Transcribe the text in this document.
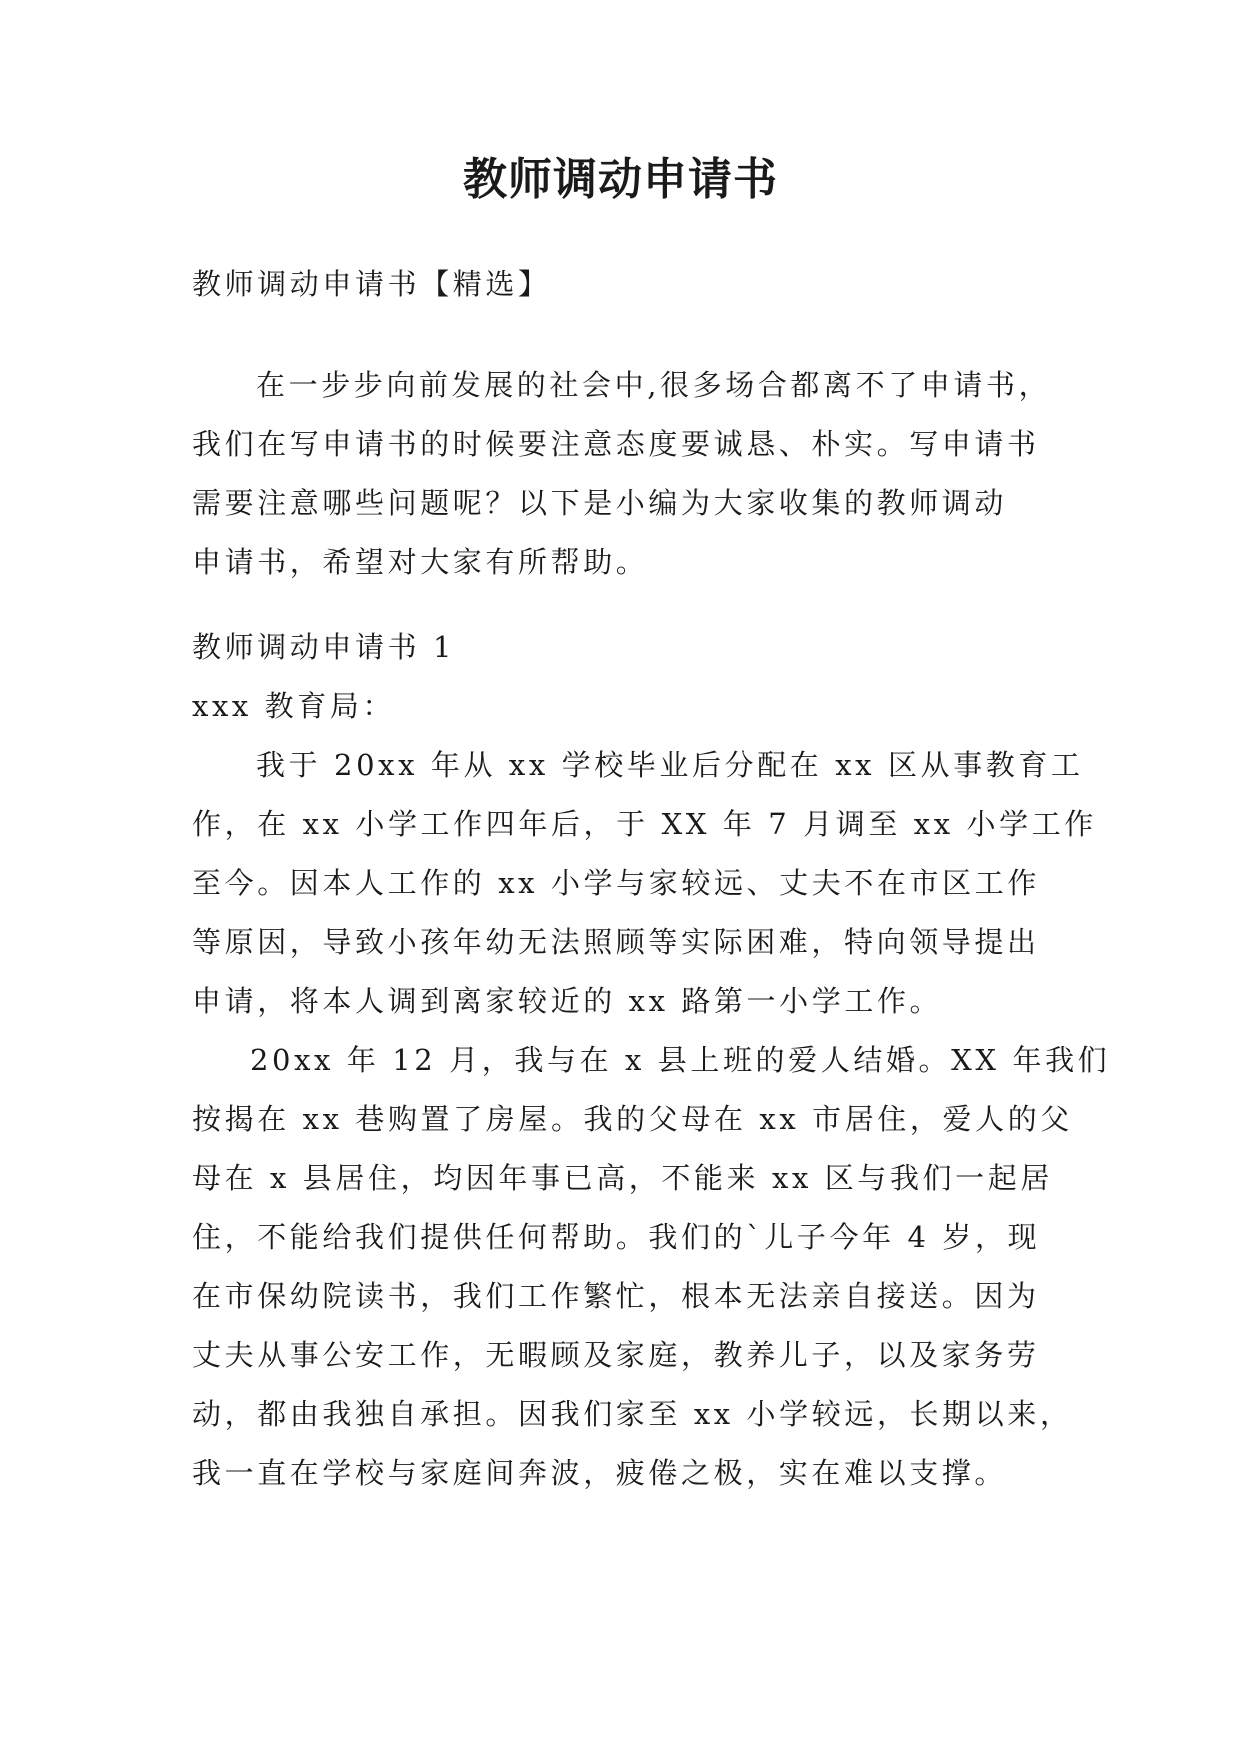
教师调动申请书
教师调动申请书【精选】
在一步步向前发展的社会中,很多场合都离不了申请书，
我们在写申请书的时候要注意态度要诚恳、朴实。写申请书
需要注意哪些问题呢？以下是小编为大家收集的教师调动
申请书，希望对大家有所帮助。
教师调动申请书 1
xxx 教育局：
我于 20xx 年从 xx 学校毕业后分配在 xx 区从事教育工
作，在 xx 小学工作四年后，于 XX 年 7 月调至 xx 小学工作
至今。因本人工作的 xx 小学与家较远、丈夫不在市区工作
等原因，导致小孩年幼无法照顾等实际困难，特向领导提出
申请，将本人调到离家较近的 xx 路第一小学工作。
20xx 年 12 月，我与在 x 县上班的爱人结婚。XX 年我们
按揭在 xx 巷购置了房屋。我的父母在 xx 市居住，爱人的父
母在 x 县居住，均因年事已高，不能来 xx 区与我们一起居
住，不能给我们提供任何帮助。我们的`儿子今年 4 岁，现
在市保幼院读书，我们工作繁忙，根本无法亲自接送。因为
丈夫从事公安工作，无暇顾及家庭，教养儿子，以及家务劳
动，都由我独自承担。因我们家至 xx 小学较远，长期以来，
我一直在学校与家庭间奔波，疲倦之极，实在难以支撑。
